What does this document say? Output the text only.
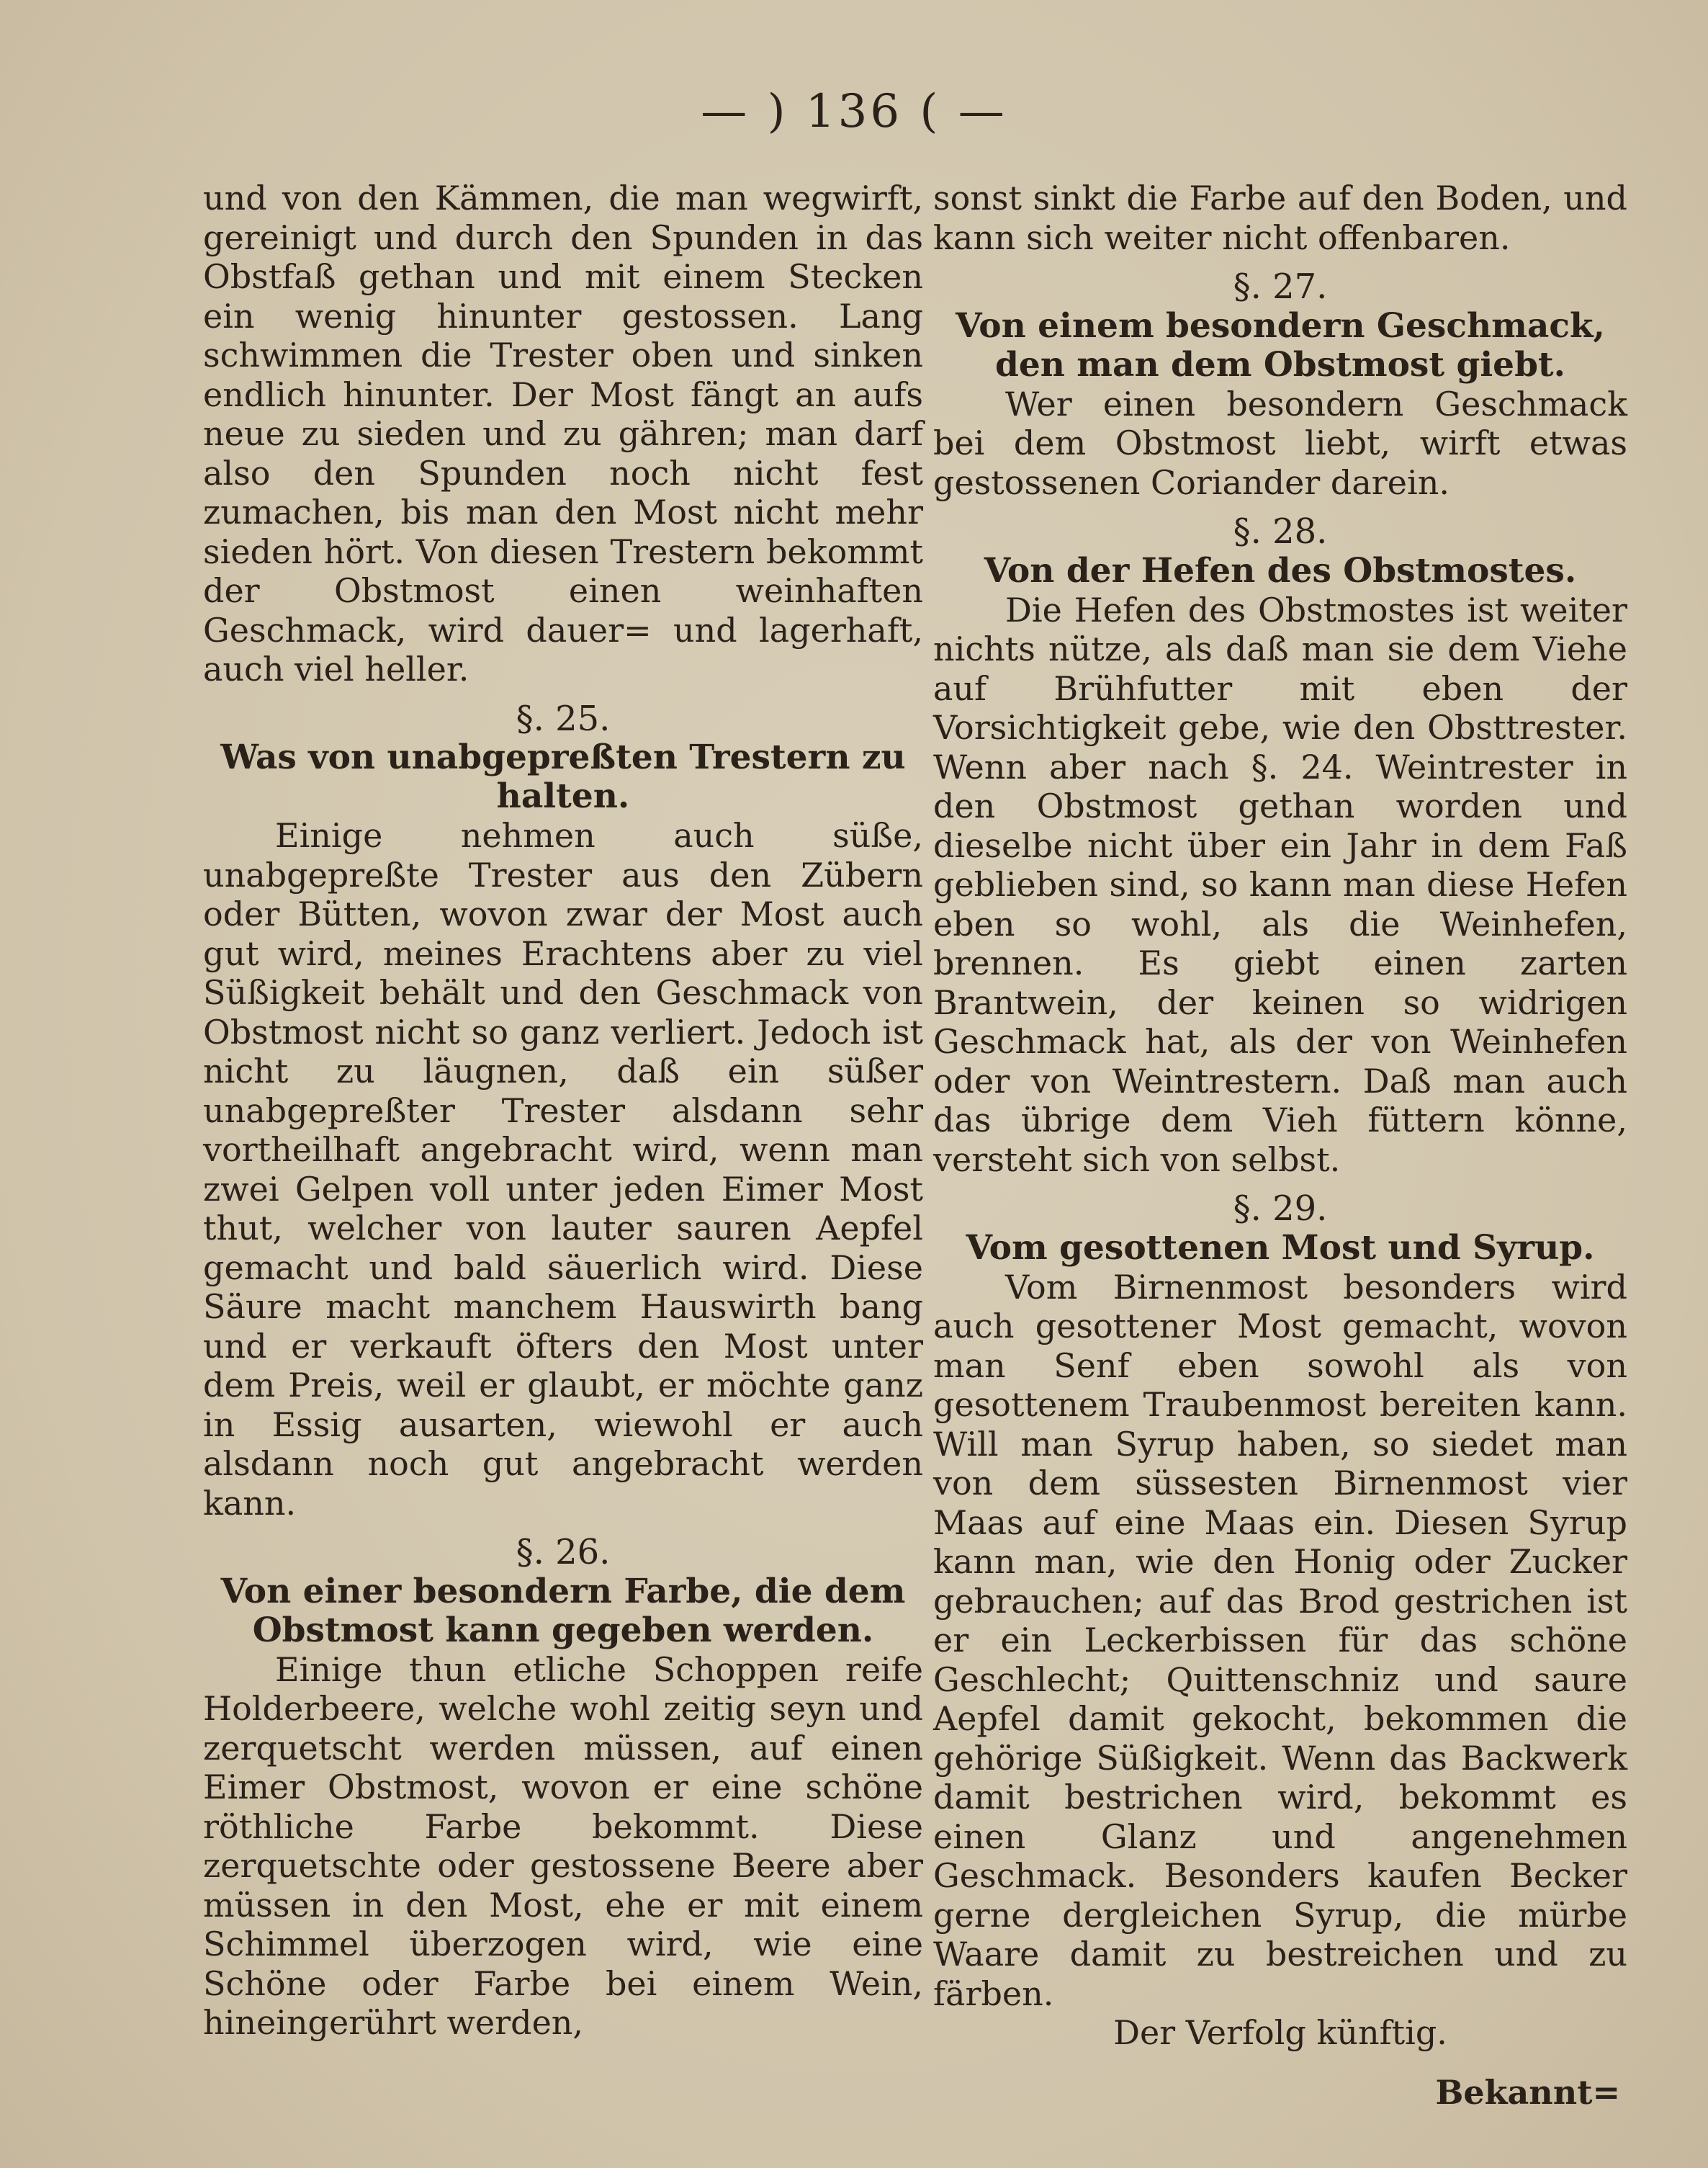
— ) 136 ( —

und von den Kämmen, die man wegwirft, gereinigt und durch den Spunden in das Obstfaß gethan und mit einem Stecken ein wenig hinunter gestossen. Lang schwimmen die Trester oben und sinken endlich hinunter. Der Most fängt an aufs neue zu sieden und zu gähren; man darf also den Spunden noch nicht fest zumachen, bis man den Most nicht mehr sieden hört. Von diesen Trestern bekommt der Obstmost einen weinhaften Geschmack, wird dauer= und lagerhaft, auch viel heller.

§. 25.
Was von unabgepreßten Trestern zu halten.

Einige nehmen auch süße, unabgepreßte Trester aus den Zübern oder Bütten, wovon zwar der Most auch gut wird, meines Erachtens aber zu viel Süßigkeit behält und den Geschmack von Obstmost nicht so ganz verliert. Jedoch ist nicht zu läugnen, daß ein süßer unabgepreßter Trester alsdann sehr vortheilhaft angebracht wird, wenn man zwei Gelpen voll unter jeden Eimer Most thut, welcher von lauter sauren Aepfel gemacht und bald säuerlich wird. Diese Säure macht manchem Hauswirth bang und er verkauft öfters den Most unter dem Preis, weil er glaubt, er möchte ganz in Essig ausarten, wiewohl er auch alsdann noch gut angebracht werden kann.

§. 26.
Von einer besondern Farbe, die dem Obstmost kann gegeben werden.

Einige thun etliche Schoppen reife Holderbeere, welche wohl zeitig seyn und zerquetscht werden müssen, auf einen Eimer Obstmost, wovon er eine schöne röthliche Farbe bekommt. Diese zerquetschte oder gestossene Beere aber müssen in den Most, ehe er mit einem Schimmel überzogen wird, wie eine Schöne oder Farbe bei einem Wein, hineingerührt werden,

sonst sinkt die Farbe auf den Boden, und kann sich weiter nicht offenbaren.

§. 27.
Von einem besondern Geschmack, den man dem Obstmost giebt.

Wer einen besondern Geschmack bei dem Obstmost liebt, wirft etwas gestossenen Coriander darein.

§. 28.
Von der Hefen des Obstmostes.

Die Hefen des Obstmostes ist weiter nichts nütze, als daß man sie dem Viehe auf Brühfutter mit eben der Vorsichtigkeit gebe, wie den Obsttrester. Wenn aber nach §. 24. Weintrester in den Obstmost gethan worden und dieselbe nicht über ein Jahr in dem Faß geblieben sind, so kann man diese Hefen eben so wohl, als die Weinhefen, brennen. Es giebt einen zarten Brantwein, der keinen so widrigen Geschmack hat, als der von Weinhefen oder von Weintrestern. Daß man auch das übrige dem Vieh füttern könne, versteht sich von selbst.

§. 29.
Vom gesottenen Most und Syrup.

Vom Birnenmost besonders wird auch gesottener Most gemacht, wovon man Senf eben sowohl als von gesottenem Traubenmost bereiten kann. Will man Syrup haben, so siedet man von dem süssesten Birnenmost vier Maas auf eine Maas ein. Diesen Syrup kann man, wie den Honig oder Zucker gebrauchen; auf das Brod gestrichen ist er ein Leckerbissen für das schöne Geschlecht; Quittenschniz und saure Aepfel damit gekocht, bekommen die gehörige Süßigkeit. Wenn das Backwerk damit bestrichen wird, bekommt es einen Glanz und angenehmen Geschmack. Besonders kaufen Becker gerne dergleichen Syrup, die mürbe Waare damit zu bestreichen und zu färben.

Der Verfolg künftig.

Bekannt=
